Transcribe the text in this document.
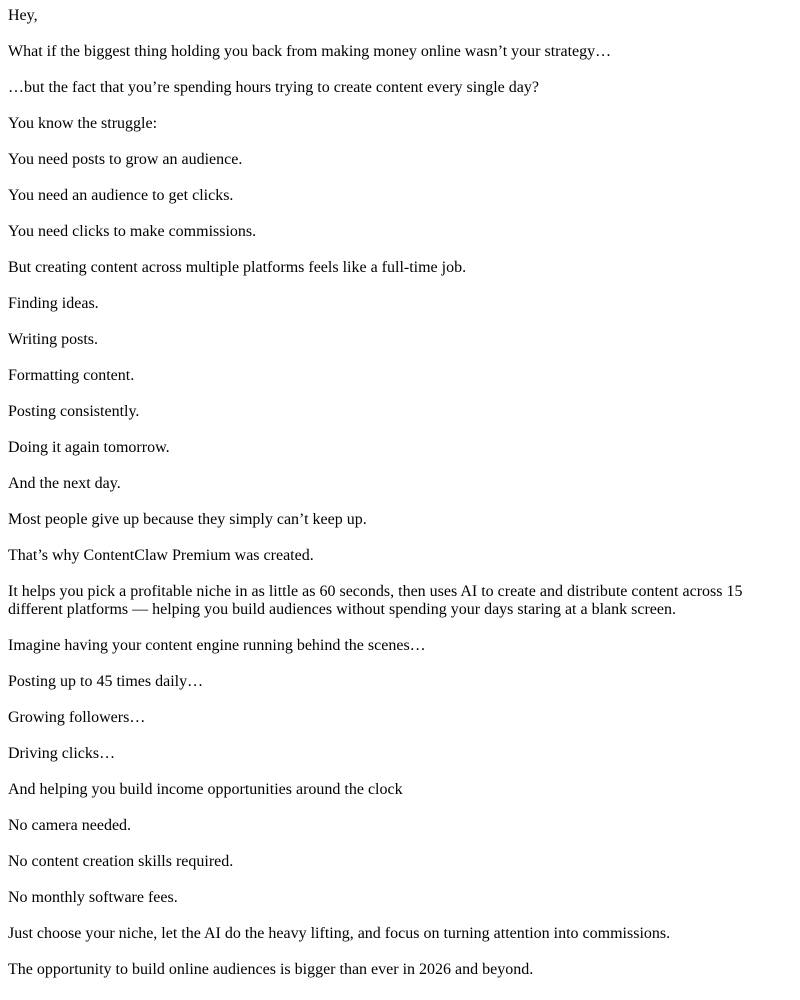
Hey,

What if the biggest thing holding you back from making money online wasn’t your strategy…

…but the fact that you’re spending hours trying to create content every single day?

You know the struggle:

You need posts to grow an audience.

You need an audience to get clicks.

You need clicks to make commissions.

But creating content across multiple platforms feels like a full-time job.

Finding ideas.

Writing posts.

Formatting content.

Posting consistently.

Doing it again tomorrow.

And the next day.

Most people give up because they simply can’t keep up.

That’s why ContentClaw Premium was created.

It helps you pick a profitable niche in as little as 60 seconds, then uses AI to create and distribute content across 15 different platforms — helping you build audiences without spending your days staring at a blank screen.

Imagine having your content engine running behind the scenes…

Posting up to 45 times daily…

Growing followers…

Driving clicks…

And helping you build income opportunities around the clock

No camera needed.

No content creation skills required.

No monthly software fees.

Just choose your niche, let the AI do the heavy lifting, and focus on turning attention into commissions.

The opportunity to build online audiences is bigger than ever in 2026 and beyond.
